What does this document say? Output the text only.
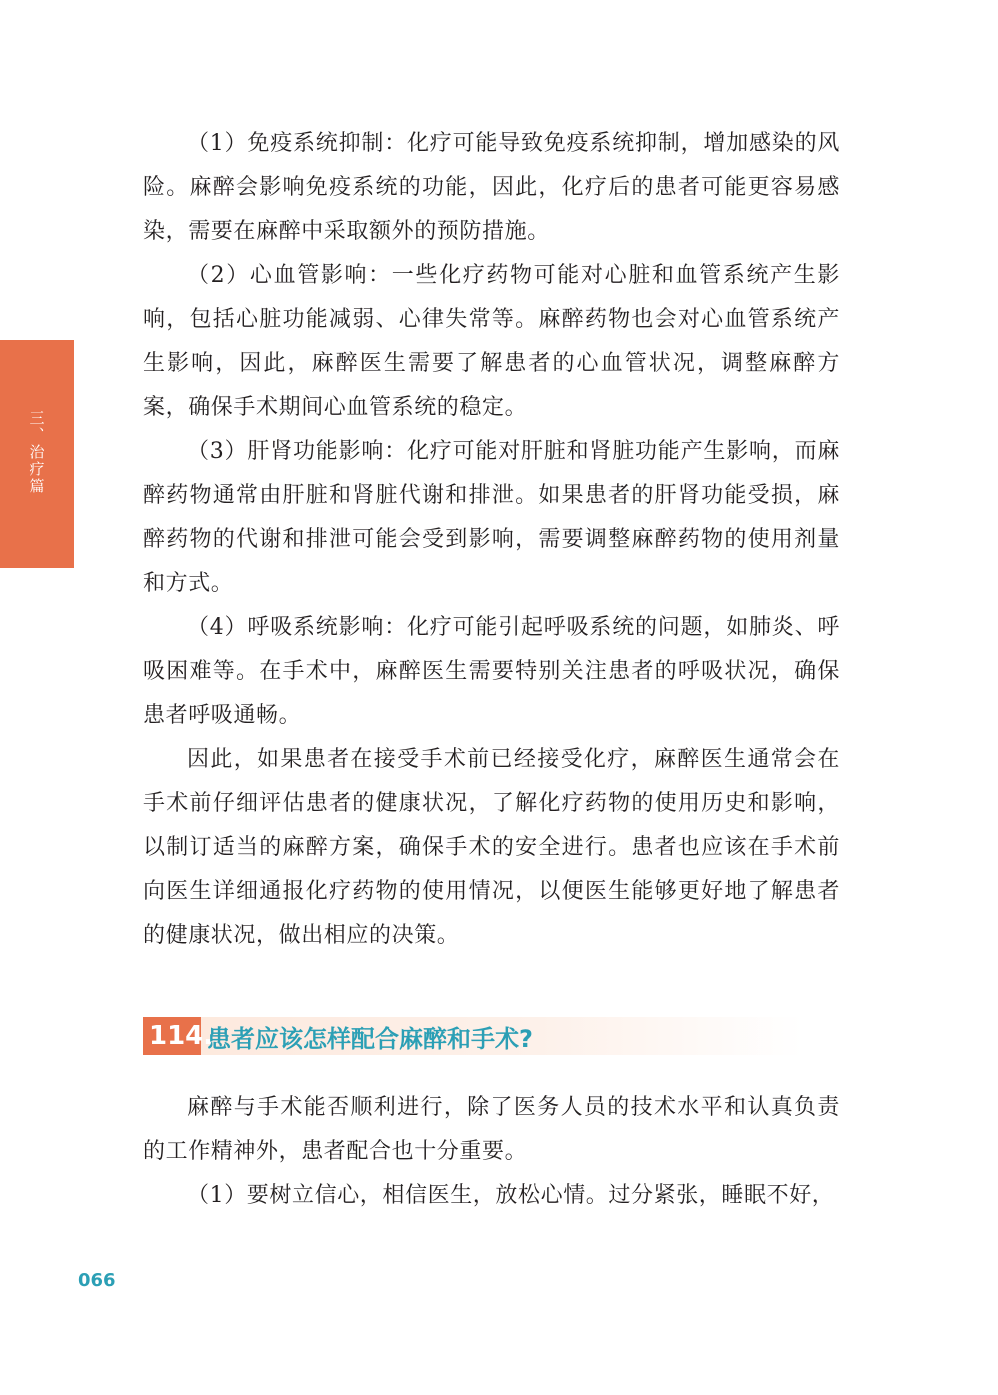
三、治疗篇

（1）免疫系统抑制：化疗可能导致免疫系统抑制，增加感染的风险。麻醉会影响免疫系统的功能，因此，化疗后的患者可能更容易感染，需要在麻醉中采取额外的预防措施。

（2）心血管影响：一些化疗药物可能对心脏和血管系统产生影响，包括心脏功能减弱、心律失常等。麻醉药物也会对心血管系统产生影响，因此，麻醉医生需要了解患者的心血管状况，调整麻醉方案，确保手术期间心血管系统的稳定。

（3）肝肾功能影响：化疗可能对肝脏和肾脏功能产生影响，而麻醉药物通常由肝脏和肾脏代谢和排泄。如果患者的肝肾功能受损，麻醉药物的代谢和排泄可能会受到影响，需要调整麻醉药物的使用剂量和方式。

（4）呼吸系统影响：化疗可能引起呼吸系统的问题，如肺炎、呼吸困难等。在手术中，麻醉医生需要特别关注患者的呼吸状况，确保患者呼吸通畅。

因此，如果患者在接受手术前已经接受化疗，麻醉医生通常会在手术前仔细评估患者的健康状况，了解化疗药物的使用历史和影响，以制订适当的麻醉方案，确保手术的安全进行。患者也应该在手术前向医生详细通报化疗药物的使用情况，以便医生能够更好地了解患者的健康状况，做出相应的决策。

114.
患者应该怎样配合麻醉和手术?

麻醉与手术能否顺利进行，除了医务人员的技术水平和认真负责的工作精神外，患者配合也十分重要。

（1）要树立信心，相信医生，放松心情。过分紧张，睡眠不好，

066
